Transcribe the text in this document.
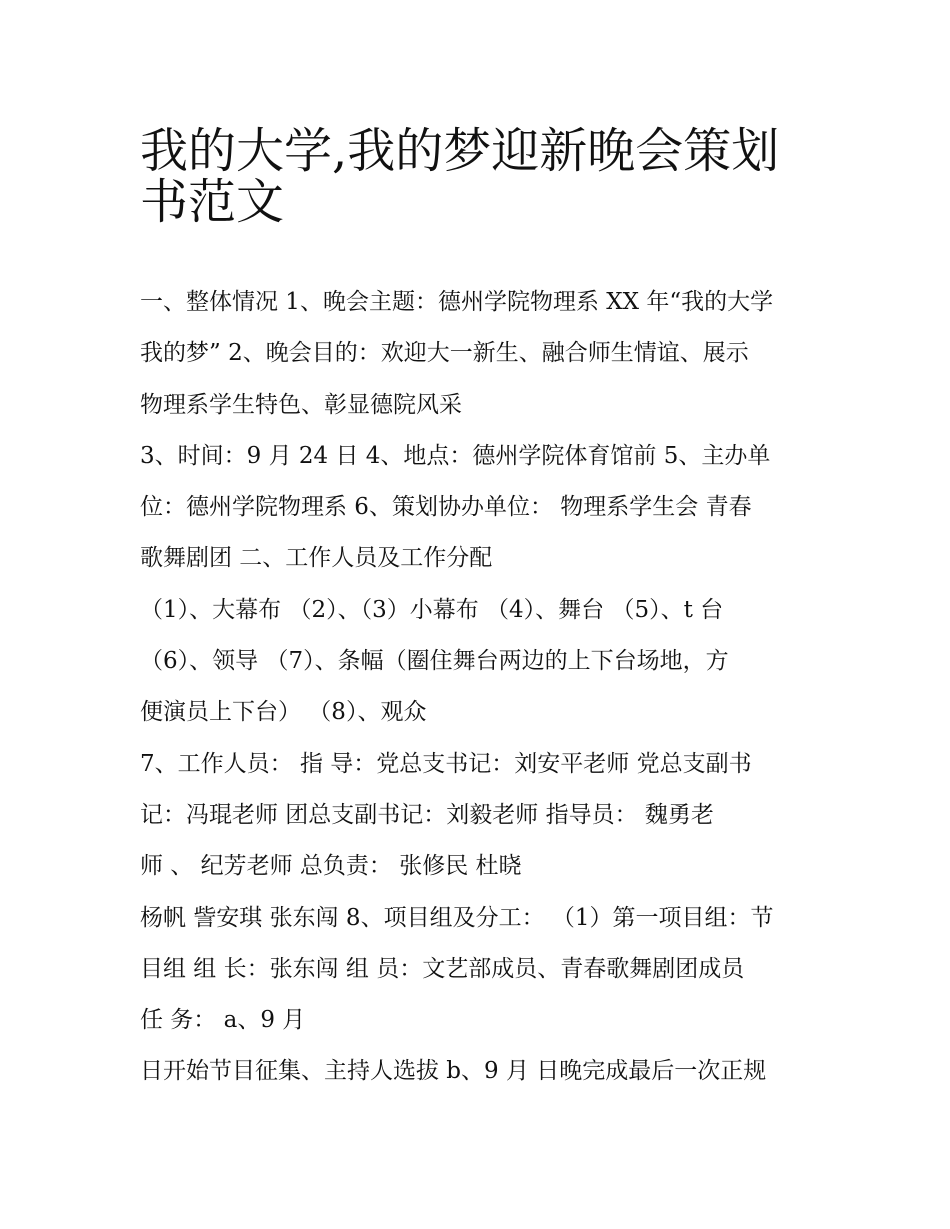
我的大学,我的梦迎新晚会策划
书范文
一、整体情况 1、晚会主题：德州学院物理系 XX 年“我的大学
我的梦” 2、晚会目的：欢迎大一新生、融合师生情谊、展示
物理系学生特色、彰显德院风采
3、时间：9 月 24 日 4、地点：德州学院体育馆前 5、主办单
位：德州学院物理系 6、策划协办单位： 物理系学生会 青春
歌舞剧团 二、工作人员及工作分配
（1）、大幕布 （2）、（3）小幕布 （4）、舞台 （5）、t 台
（6）、领导 （7）、条幅（圈住舞台两边的上下台场地，方
便演员上下台） （8）、观众
7、工作人员： 指 导：党总支书记：刘安平老师 党总支副书
记：冯琨老师 团总支副书记：刘毅老师 指导员： 魏勇老
师 、 纪芳老师 总负责： 张修民 杜晓
杨帆 訾安琪 张东闯 8、项目组及分工： （1）第一项目组：节
目组 组 长：张东闯 组 员：文艺部成员、青春歌舞剧团成员
任 务： a、9 月
日开始节目征集、主持人选拔 b、9 月 日晚完成最后一次正规
